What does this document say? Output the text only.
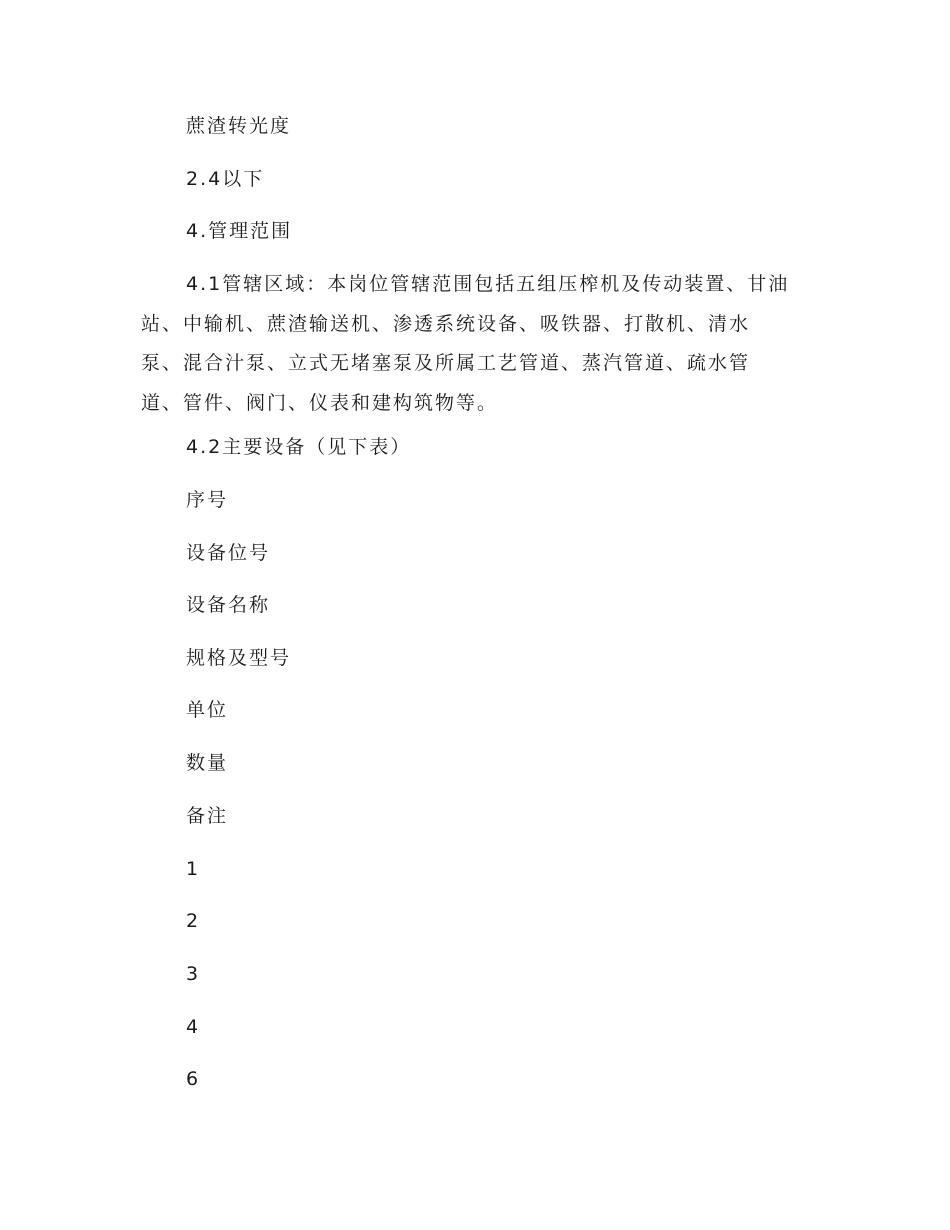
蔗渣转光度
2.4以下
4.管理范围
4.1管辖区域：本岗位管辖范围包括五组压榨机及传动装置、甘油
站、中输机、蔗渣输送机、渗透系统设备、吸铁器、打散机、清水
泵、混合汁泵、立式无堵塞泵及所属工艺管道、蒸汽管道、疏水管
道、管件、阀门、仪表和建构筑物等。
4.2主要设备（见下表）
序号
设备位号
设备名称
规格及型号
单位
数量
备注
1
2
3
4
6
